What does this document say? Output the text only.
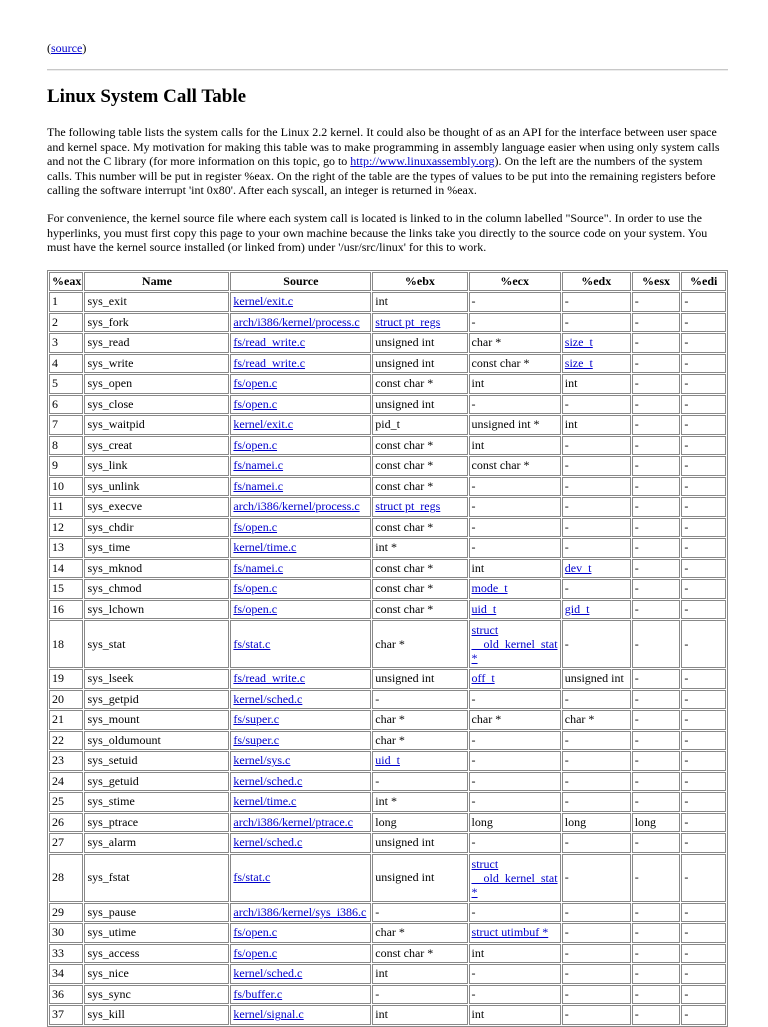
(source)
Linux System Call Table

The following table lists the system calls for the Linux 2.2 kernel. It could also be thought of as an API for the interface between user space and kernel space. My motivation for making this table was to make programming in assembly language easier when using only system calls and not the C library (for more information on this topic, go to http://www.linuxassembly.org). On the left are the numbers of the system calls. This number will be put in register %eax. On the right of the table are the types of values to be put into the remaining registers before calling the software interrupt 'int 0x80'. After each syscall, an integer is returned in %eax.

For convenience, the kernel source file where each system call is located is linked to in the column labelled "Source". In order to use the hyperlinks, you must first copy this page to your own machine because the links take you directly to the source code on your system. You must have the kernel source installed (or linked from) under '/usr/src/linux' for this to work.

%eax	Name	Source	%ebx	%ecx	%edx	%esx	%edi
1	sys_exit	kernel/exit.c	int	-	-	-	-
2	sys_fork	arch/i386/kernel/process.c	struct pt_regs	-	-	-	-
3	sys_read	fs/read_write.c	unsigned int	char *	size_t	-	-
4	sys_write	fs/read_write.c	unsigned int	const char *	size_t	-	-
5	sys_open	fs/open.c	const char *	int	int	-	-
6	sys_close	fs/open.c	unsigned int	-	-	-	-
7	sys_waitpid	kernel/exit.c	pid_t	unsigned int *	int	-	-
8	sys_creat	fs/open.c	const char *	int	-	-	-
9	sys_link	fs/namei.c	const char *	const char *	-	-	-
10	sys_unlink	fs/namei.c	const char *	-	-	-	-
11	sys_execve	arch/i386/kernel/process.c	struct pt_regs	-	-	-	-
12	sys_chdir	fs/open.c	const char *	-	-	-	-
13	sys_time	kernel/time.c	int *	-	-	-	-
14	sys_mknod	fs/namei.c	const char *	int	dev_t	-	-
15	sys_chmod	fs/open.c	const char *	mode_t	-	-	-
16	sys_lchown	fs/open.c	const char *	uid_t	gid_t	-	-
18	sys_stat	fs/stat.c	char *	struct __old_kernel_stat *	-	-	-
19	sys_lseek	fs/read_write.c	unsigned int	off_t	unsigned int	-	-
20	sys_getpid	kernel/sched.c	-	-	-	-	-
21	sys_mount	fs/super.c	char *	char *	char *	-	-
22	sys_oldumount	fs/super.c	char *	-	-	-	-
23	sys_setuid	kernel/sys.c	uid_t	-	-	-	-
24	sys_getuid	kernel/sched.c	-	-	-	-	-
25	sys_stime	kernel/time.c	int *	-	-	-	-
26	sys_ptrace	arch/i386/kernel/ptrace.c	long	long	long	long	-
27	sys_alarm	kernel/sched.c	unsigned int	-	-	-	-
28	sys_fstat	fs/stat.c	unsigned int	struct __old_kernel_stat *	-	-	-
29	sys_pause	arch/i386/kernel/sys_i386.c	-	-	-	-	-
30	sys_utime	fs/open.c	char *	struct utimbuf *	-	-	-
33	sys_access	fs/open.c	const char *	int	-	-	-
34	sys_nice	kernel/sched.c	int	-	-	-	-
36	sys_sync	fs/buffer.c	-	-	-	-	-
37	sys_kill	kernel/signal.c	int	int	-	-	-
